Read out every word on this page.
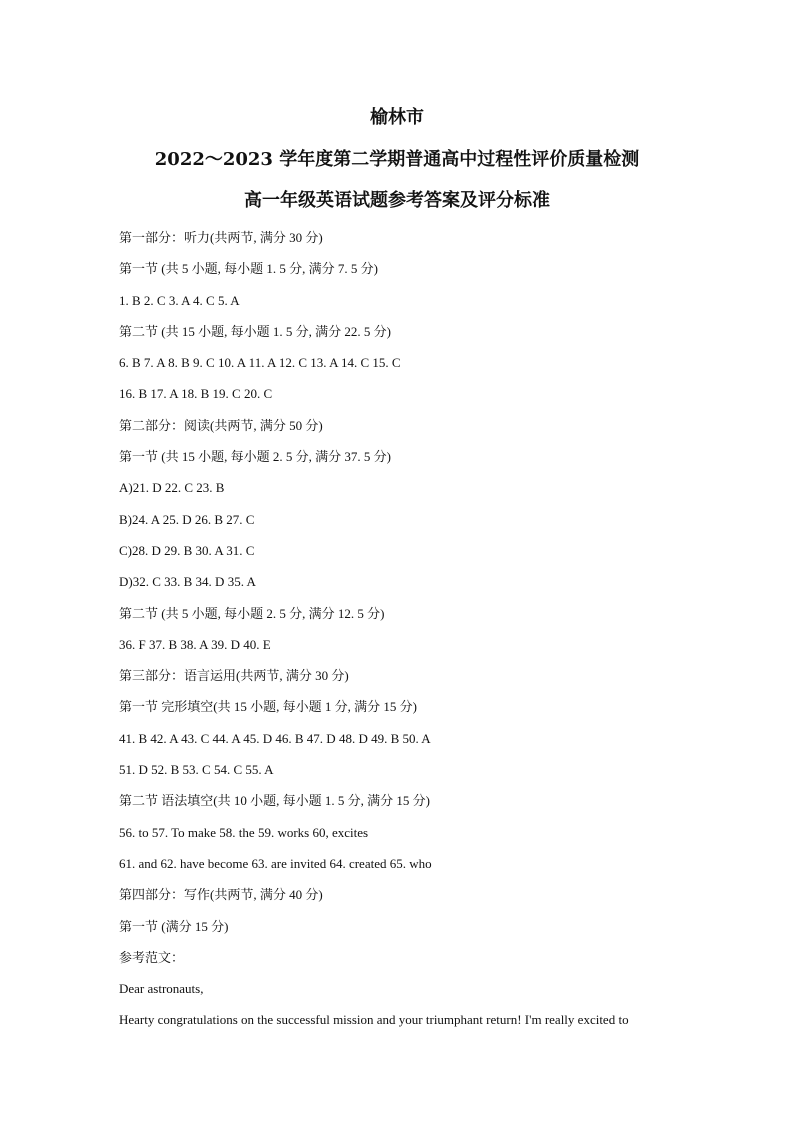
榆林市
2022～2023 学年度第二学期普通高中过程性评价质量检测
高一年级英语试题参考答案及评分标准
第一部分：听力(共两节, 满分 30 分)
第一节 (共 5 小题, 每小题 1. 5 分, 满分 7. 5 分)
1. B 2. C 3. A 4. C 5. A
第二节 (共 15 小题, 每小题 1. 5 分, 满分 22. 5 分)
6. B 7. A 8. B 9. C 10. A 11. A 12. C 13. A 14. C 15. C
16. B 17. A 18. B 19. C 20. C
第二部分：阅读(共两节, 满分 50 分)
第一节 (共 15 小题, 每小题 2. 5 分, 满分 37. 5 分)
A)21. D 22. C 23. B
B)24. A 25. D 26. B 27. C
C)28. D 29. B 30. A 31. C
D)32. C 33. B 34. D 35. A
第二节 (共 5 小题, 每小题 2. 5 分, 满分 12. 5 分)
36. F 37. B 38. A 39. D 40. E
第三部分：语言运用(共两节, 满分 30 分)
第一节 完形填空(共 15 小题, 每小题 1 分, 满分 15 分)
41. B 42. A 43. C 44. A 45. D 46. B 47. D 48. D 49. B 50. A
51. D 52. B 53. C 54. C 55. A
第二节 语法填空(共 10 小题, 每小题 1. 5 分, 满分 15 分)
56. to 57. To make 58. the 59. works 60, excites
61. and 62. have become 63. are invited 64. created 65. who
第四部分：写作(共两节, 满分 40 分)
第一节 (满分 15 分)
参考范文：
Dear astronauts,
Hearty congratulations on the successful mission and your triumphant return! I'm really excited to
